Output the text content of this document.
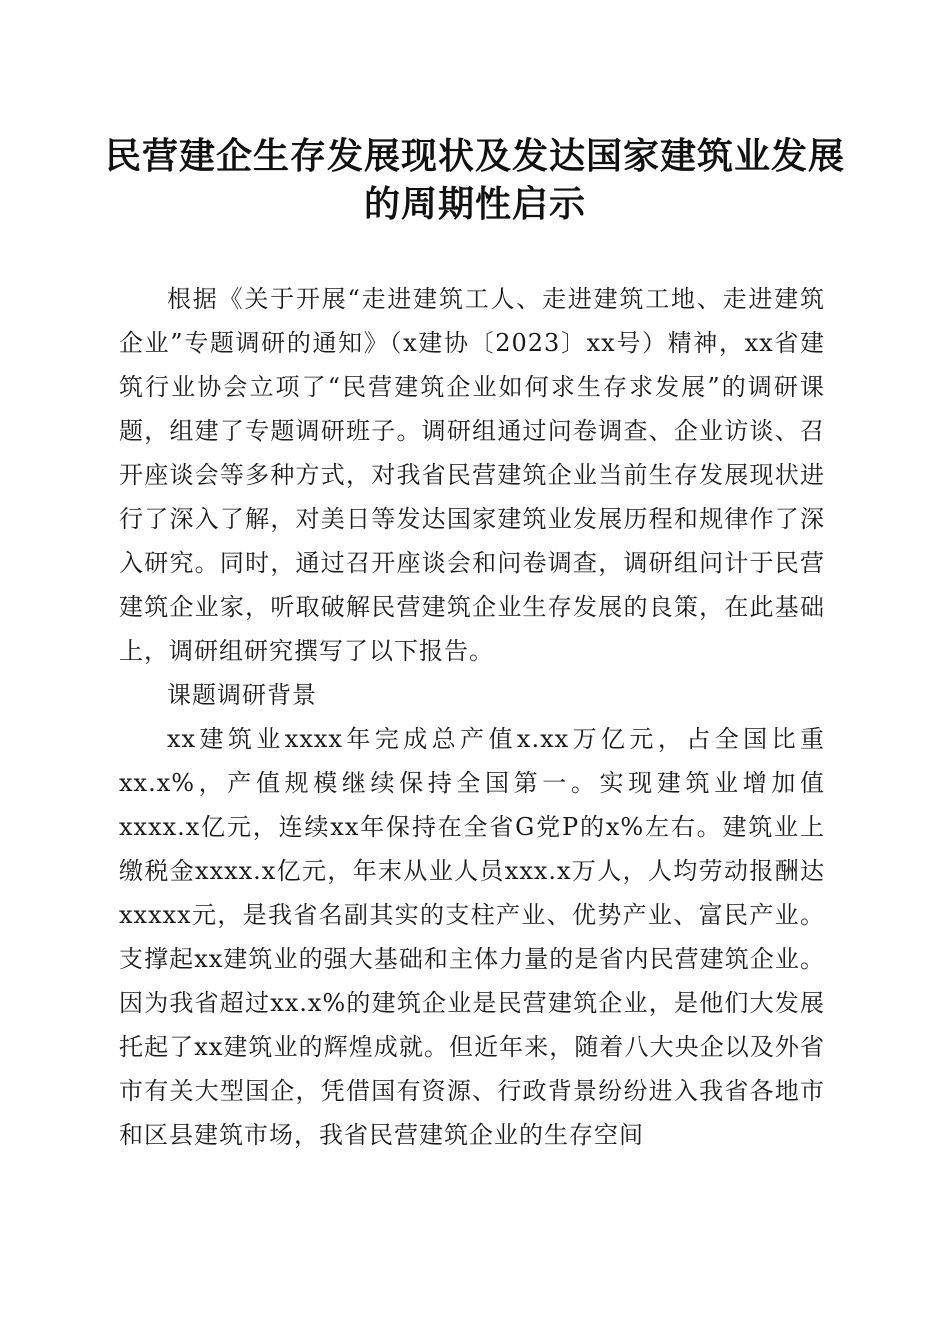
民营建企生存发展现状及发达国家建筑业发展
的周期性启示

根据《关于开展“走进建筑工人、走进建筑工地、走进建筑企业”专题调研的通知》（x建协〔2023〕xx号）精神，xx省建筑行业协会立项了“民营建筑企业如何求生存求发展”的调研课题，组建了专题调研班子。调研组通过问卷调查、企业访谈、召开座谈会等多种方式，对我省民营建筑企业当前生存发展现状进行了深入了解，对美日等发达国家建筑业发展历程和规律作了深入研究。同时，通过召开座谈会和问卷调查，调研组问计于民营建筑企业家，听取破解民营建筑企业生存发展的良策，在此基础上，调研组研究撰写了以下报告。

课题调研背景

xx建筑业xxxx年完成总产值x.xx万亿元，占全国比重xx.x%，产值规模继续保持全国第一。实现建筑业增加值xxxx.x亿元，连续xx年保持在全省G党P的x%左右。建筑业上缴税金xxxx.x亿元，年末从业人员xxx.x万人，人均劳动报酬达xxxxx元，是我省名副其实的支柱产业、优势产业、富民产业。支撑起xx建筑业的强大基础和主体力量的是省内民营建筑企业。因为我省超过xx.x%的建筑企业是民营建筑企业，是他们大发展托起了xx建筑业的辉煌成就。但近年来，随着八大央企以及外省市有关大型国企，凭借国有资源、行政背景纷纷进入我省各地市和区县建筑市场，我省民营建筑企业的生存空间
